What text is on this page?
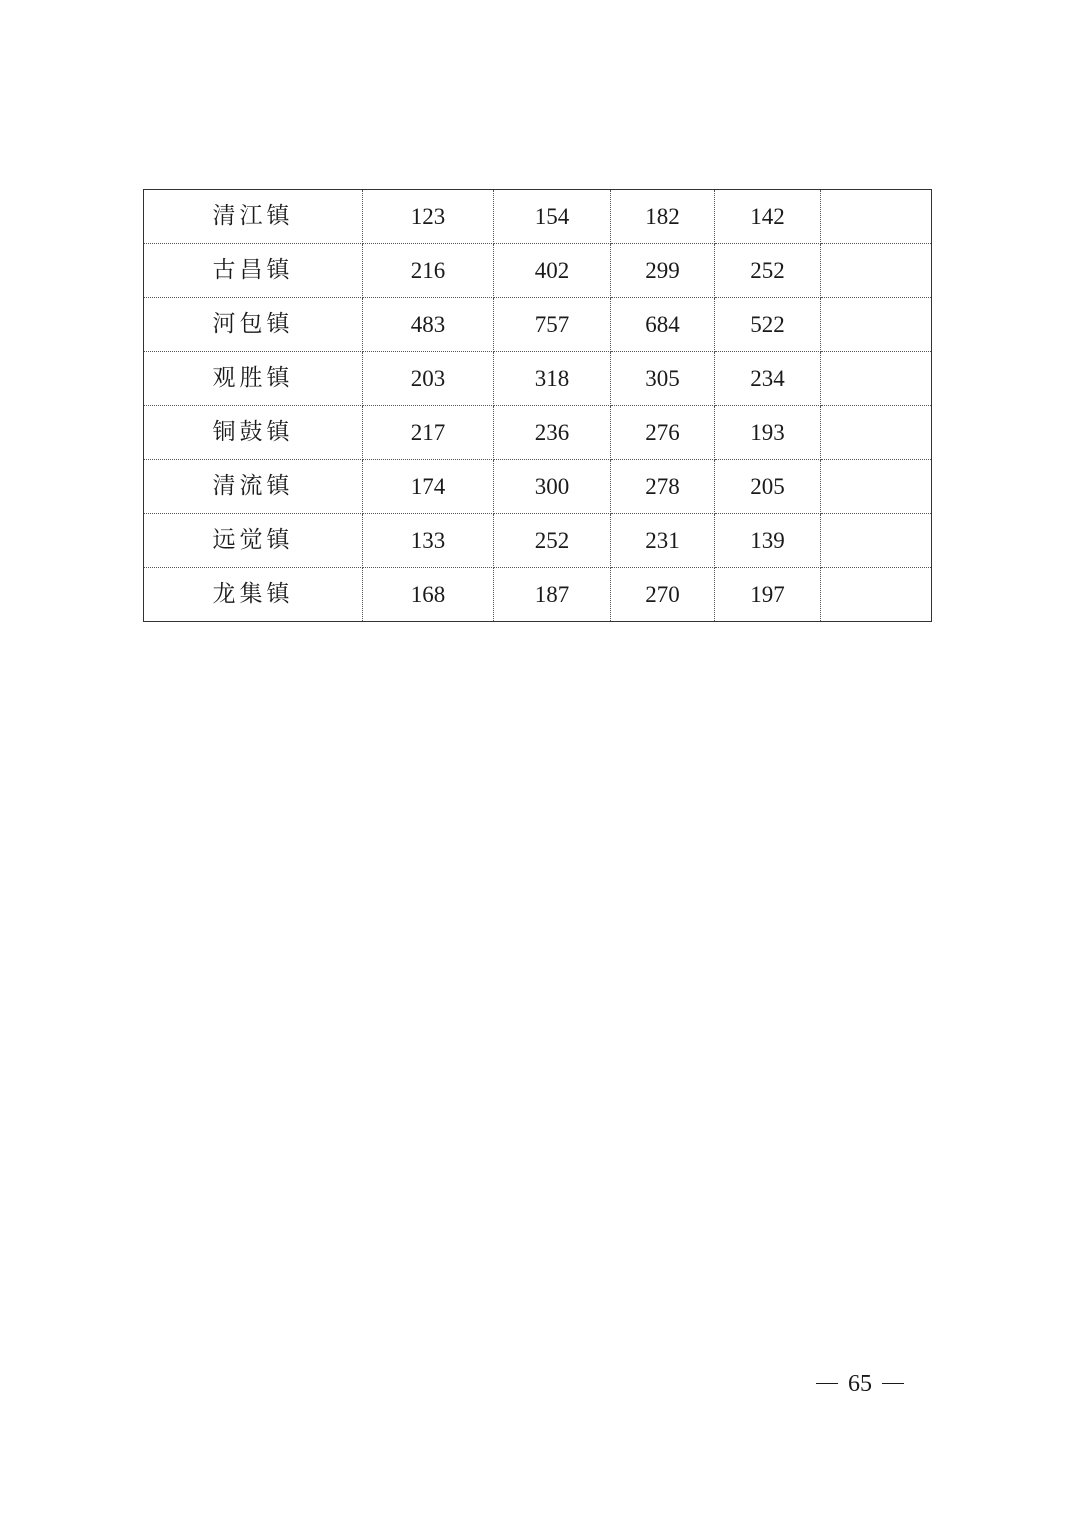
清江镇	123	154	182	142	
古昌镇	216	402	299	252	
河包镇	483	757	684	522	
观胜镇	203	318	305	234	
铜鼓镇	217	236	276	193	
清流镇	174	300	278	205	
远觉镇	133	252	231	139	
龙集镇	168	187	270	197	
65
